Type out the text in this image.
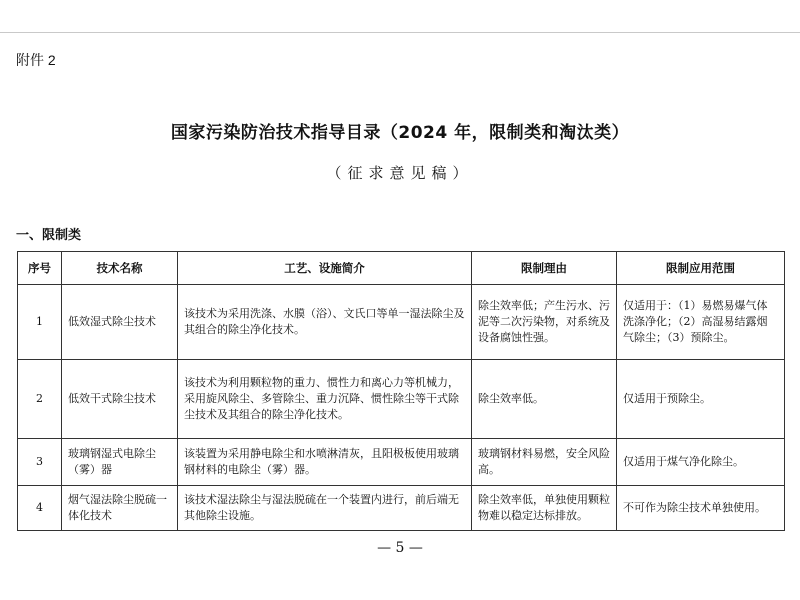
附件 2
国家污染防治技术指导目录（2024 年，限制类和淘汰类）
（征求意见稿）
一、限制类
序号	技术名称	工艺、设施简介	限制理由	限制应用范围
1	低效湿式除尘技术	该技术为采用洗涤、水膜（浴）、文氏口等单一湿法除尘及其组合的除尘净化技术。	除尘效率低；产生污水、污泥等二次污染物，对系统及设备腐蚀性强。	仅适用于：（1）易燃易爆气体洗涤净化；（2）高湿易结露烟气除尘；（3）预除尘。
2	低效干式除尘技术	该技术为利用颗粒物的重力、惯性力和离心力等机械力，采用旋风除尘、多管除尘、重力沉降、惯性除尘等干式除尘技术及其组合的除尘净化技术。	除尘效率低。	仅适用于预除尘。
3	玻璃钢湿式电除尘（雾）器	该装置为采用静电除尘和水喷淋清灰，且阳极板使用玻璃钢材料的电除尘（雾）器。	玻璃钢材料易燃，安全风险高。	仅适用于煤气净化除尘。
4	烟气湿法除尘脱硫一体化技术	该技术湿法除尘与湿法脱硫在一个装置内进行，前后端无其他除尘设施。	除尘效率低，单独使用颗粒物难以稳定达标排放。	不可作为除尘技术单独使用。
— 5 —
